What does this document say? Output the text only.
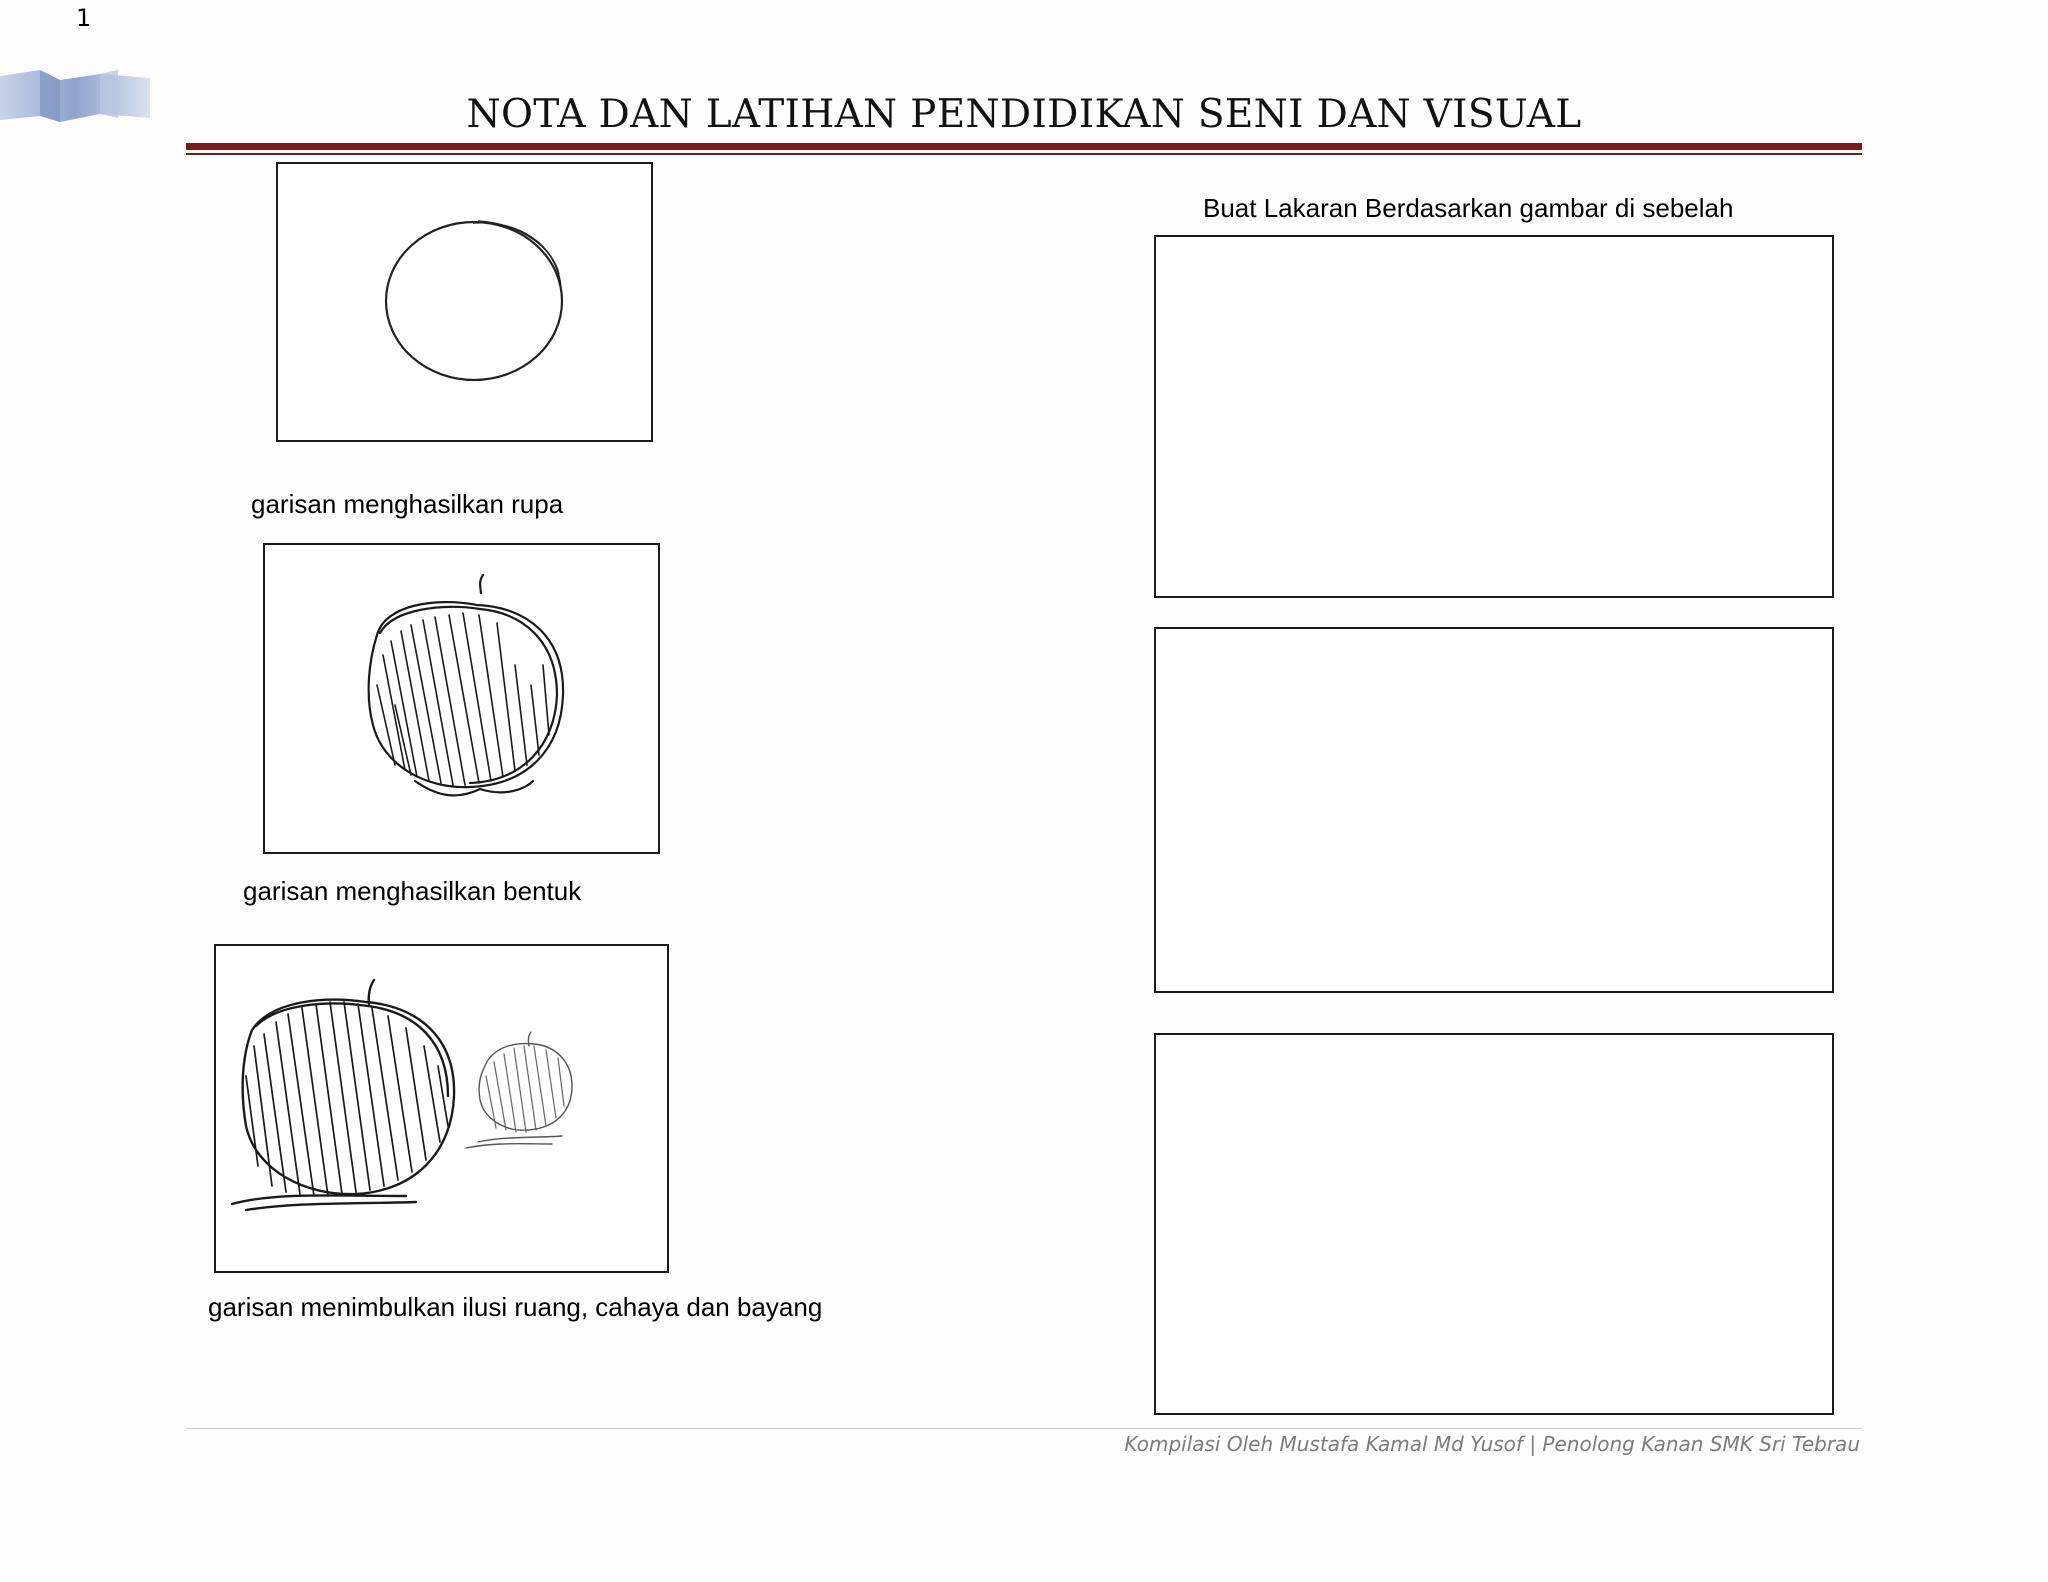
1
NOTA DAN LATIHAN PENDIDIKAN SENI DAN VISUAL
garisan menghasilkan rupa
garisan menghasilkan bentuk
garisan menimbulkan ilusi ruang, cahaya dan bayang
Buat Lakaran Berdasarkan gambar di sebelah
Kompilasi Oleh Mustafa Kamal Md Yusof | Penolong Kanan SMK Sri Tebrau
